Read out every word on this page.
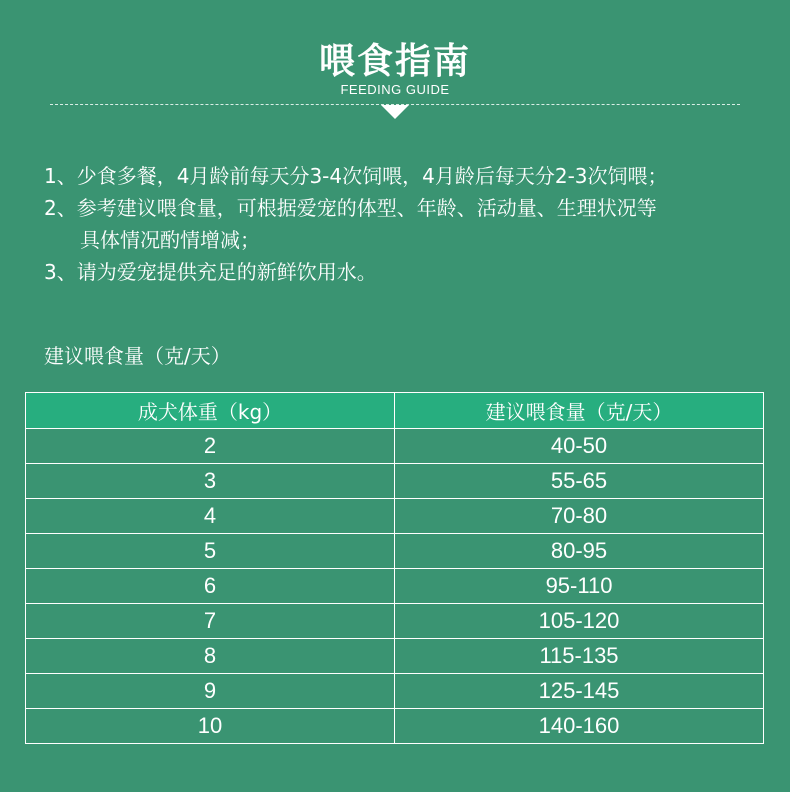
喂食指南
FEEDING GUIDE
1、少食多餐，4月龄前每天分3-4次饲喂，4月龄后每天分2-3次饲喂；
2、参考建议喂食量，可根据爱宠的体型、年龄、活动量、生理状况等
具体情况酌情增减；
3、请为爱宠提供充足的新鲜饮用水。
建议喂食量（克/天）
成犬体重（kg）	建议喂食量（克/天）
2	40-50
3	55-65
4	70-80
5	80-95
6	95-110
7	105-120
8	115-135
9	125-145
10	140-160
